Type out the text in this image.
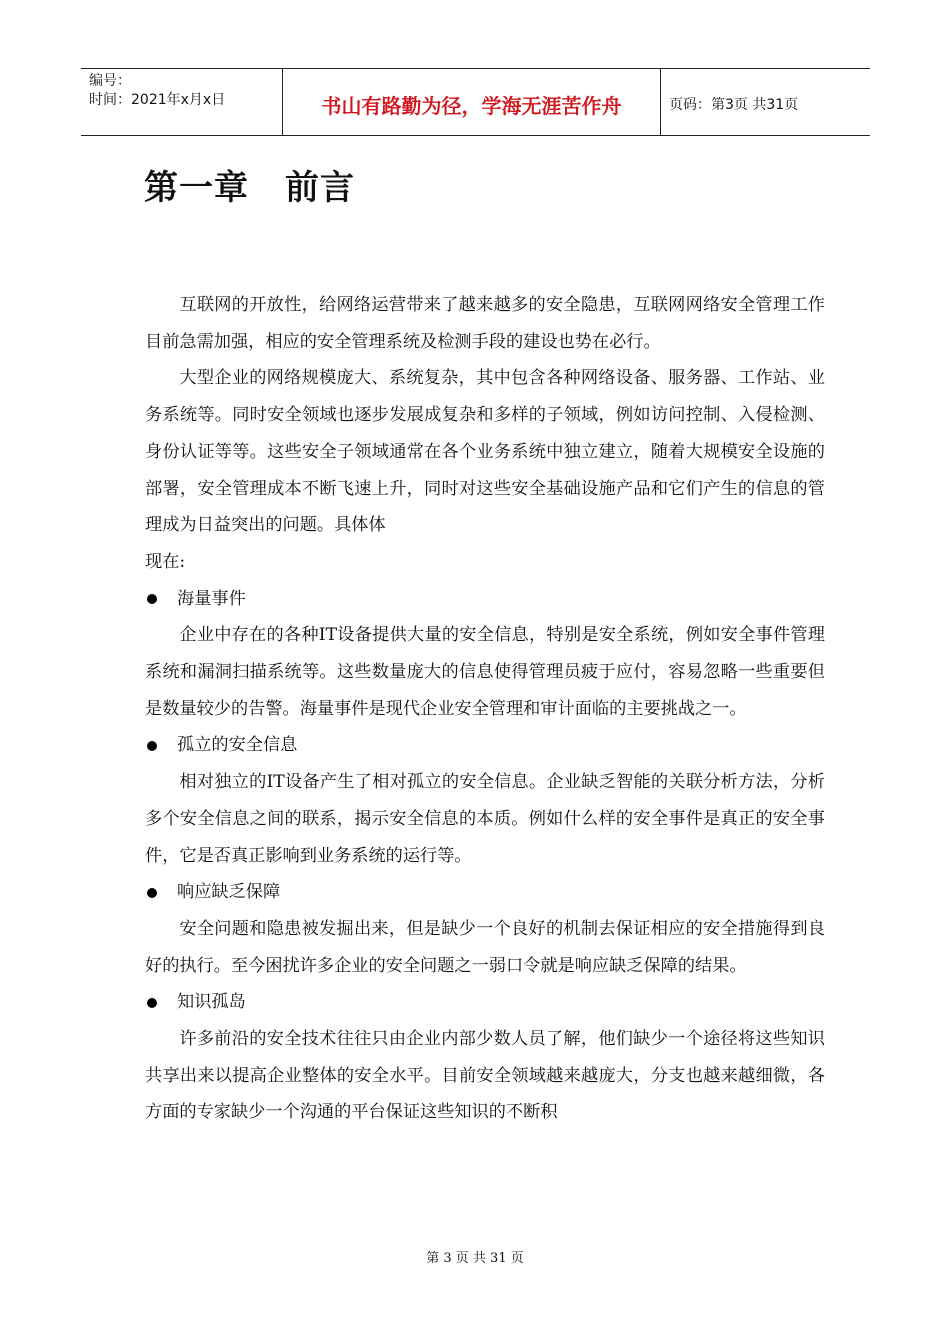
编号：
时间：2021年x月x日	书山有路勤为径，学海无涯苦作舟	页码：第3页 共31页
第一章 前言

互联网的开放性，给网络运营带来了越来越多的安全隐患，互联网网络安全管理工作目前急需加强，相应的安全管理系统及检测手段的建设也势在必行。

大型企业的网络规模庞大、系统复杂，其中包含各种网络设备、服务器、工作站、业务系统等。同时安全领域也逐步发展成复杂和多样的子领域，例如访问控制、入侵检测、身份认证等等。这些安全子领域通常在各个业务系统中独立建立，随着大规模安全设施的部署，安全管理成本不断飞速上升，同时对这些安全基础设施产品和它们产生的信息的管理成为日益突出的问题。具体体

现在:

海量事件

企业中存在的各种IT设备提供大量的安全信息，特别是安全系统，例如安全事件管理系统和漏洞扫描系统等。这些数量庞大的信息使得管理员疲于应付，容易忽略一些重要但是数量较少的告警。海量事件是现代企业安全管理和审计面临的主要挑战之一。

孤立的安全信息

相对独立的IT设备产生了相对孤立的安全信息。企业缺乏智能的关联分析方法，分析多个安全信息之间的联系，揭示安全信息的本质。例如什么样的安全事件是真正的安全事件，它是否真正影响到业务系统的运行等。

响应缺乏保障

安全问题和隐患被发掘出来，但是缺少一个良好的机制去保证相应的安全措施得到良好的执行。至今困扰许多企业的安全问题之一弱口令就是响应缺乏保障的结果。

知识孤岛

许多前沿的安全技术往往只由企业内部少数人员了解，他们缺少一个途径将这些知识共享出来以提高企业整体的安全水平。目前安全领域越来越庞大，分支也越来越细微，各方面的专家缺少一个沟通的平台保证这些知识的不断积

第 3 页 共 31 页
